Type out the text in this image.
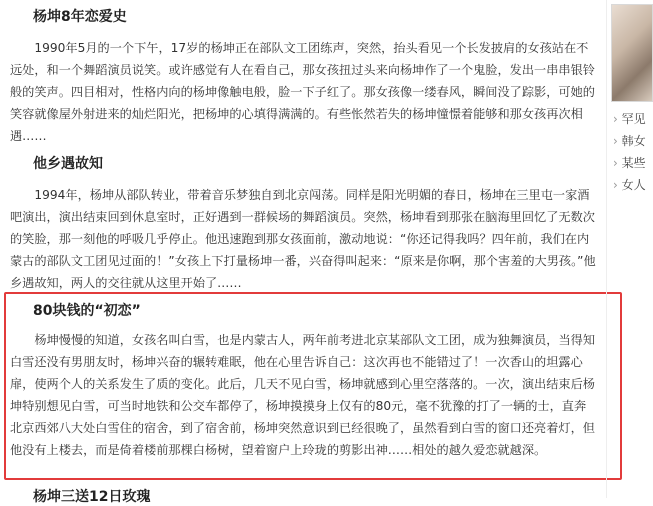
杨坤8年恋爱史

1990年5月的一个下午，17岁的杨坤正在部队文工团练声，突然，抬头看见一个长发披肩的女孩站在不远处，和一个舞蹈演员说笑。或许感觉有人在看自己，那女孩扭过头来向杨坤作了一个鬼脸，发出一串串银铃般的笑声。四目相对，性格内向的杨坤像触电般，脸一下子红了。那女孩像一缕春风，瞬间没了踪影，可她的笑容就像屋外射进来的灿烂阳光，把杨坤的心填得满满的。有些怅然若失的杨坤憧憬着能够和那女孩再次相遇……

他乡遇故知

1994年，杨坤从部队转业，带着音乐梦独自到北京闯荡。同样是阳光明媚的春日，杨坤在三里屯一家酒吧演出，演出结束回到休息室时，正好遇到一群候场的舞蹈演员。突然，杨坤看到那张在脑海里回忆了无数次的笑脸，那一刻他的呼吸几乎停止。他迅速跑到那女孩面前，激动地说：“你还记得我吗？四年前，我们在内蒙古的部队文工团见过面的！”女孩上下打量杨坤一番，兴奋得叫起来：“原来是你啊，那个害羞的大男孩。”他乡遇故知，两人的交往就从这里开始了……

80块钱的“初恋”

杨坤慢慢的知道，女孩名叫白雪，也是内蒙古人，两年前考进北京某部队文工团，成为独舞演员，当得知白雪还没有男朋友时，杨坤兴奋的辗转难眠，他在心里告诉自己：这次再也不能错过了！一次香山的坦露心扉，使两个人的关系发生了质的变化。此后，几天不见白雪，杨坤就感到心里空落落的。一次，演出结束后杨坤特别想见白雪，可当时地铁和公交车都停了，杨坤摸摸身上仅有的80元，毫不犹豫的打了一辆的士，直奔北京西郊八大处白雪住的宿舍，到了宿舍前，杨坤突然意识到已经很晚了，虽然看到白雪的窗口还亮着灯，但他没有上楼去，而是倚着楼前那棵白杨树，望着窗户上玲珑的剪影出神……相处的越久爱恋就越深。

杨坤三送12日玫瑰
› 罕见
› 韩女
› 某些
› 女人
